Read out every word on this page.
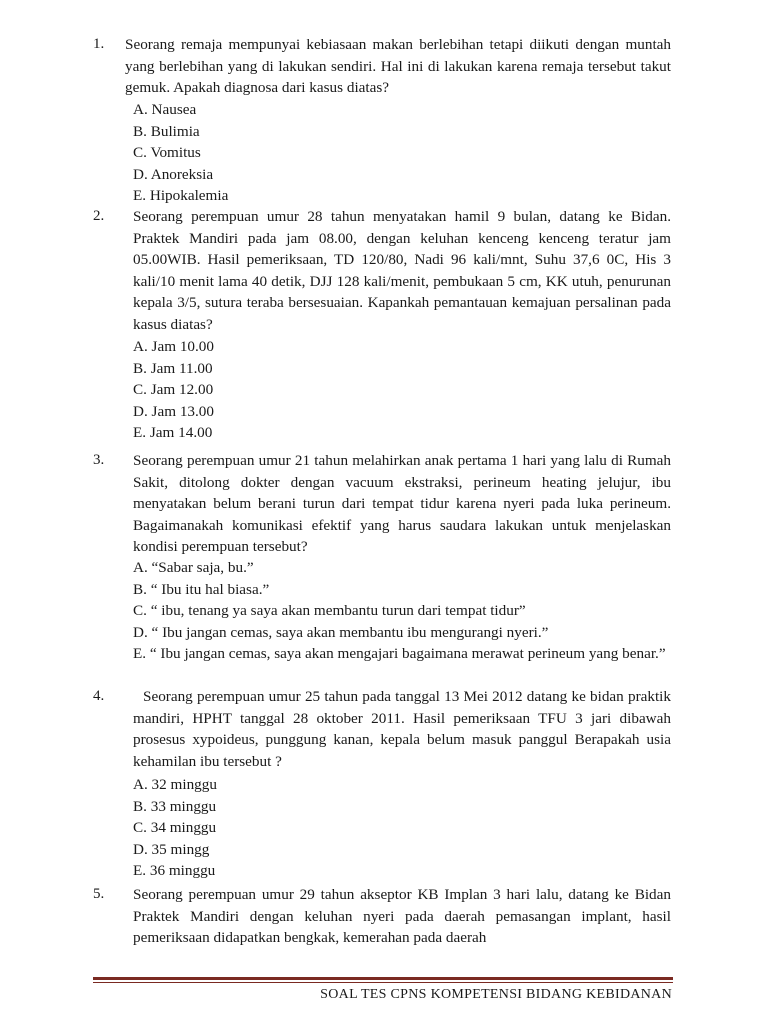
1. Seorang remaja mempunyai kebiasaan makan berlebihan tetapi diikuti dengan muntah yang berlebihan yang di lakukan sendiri. Hal ini di lakukan karena remaja tersebut takut gemuk. Apakah diagnosa dari kasus diatas?

A. Nausea
B. Bulimia
C. Vomitus
D. Anoreksia
E. Hipokalemia
2. Seorang perempuan umur 28 tahun menyatakan hamil 9 bulan, datang ke Bidan. Praktek Mandiri pada jam 08.00, dengan keluhan kenceng kenceng teratur jam 05.00WIB. Hasil pemeriksaan, TD 120/80, Nadi 96 kali/mnt, Suhu 37,6 0C, His 3 kali/10 menit lama 40 detik, DJJ 128 kali/menit, pembukaan 5 cm, KK utuh, penurunan kepala 3/5, sutura teraba bersesuaian. Kapankah pemantauan kemajuan persalinan pada kasus diatas?

A. Jam 10.00
B. Jam 11.00
C. Jam 12.00
D. Jam 13.00
E. Jam 14.00
3. Seorang perempuan umur 21 tahun melahirkan anak pertama 1 hari yang lalu di Rumah Sakit, ditolong dokter dengan vacuum ekstraksi, perineum heating jelujur, ibu menyatakan belum berani turun dari tempat tidur karena nyeri pada luka perineum. Bagaimanakah komunikasi efektif yang harus saudara lakukan untuk menjelaskan kondisi perempuan tersebut?

A. “Sabar saja, bu.”
B. “ Ibu itu hal biasa.”
C. “ ibu, tenang ya saya akan membantu turun dari tempat tidur”
D. “ Ibu jangan cemas, saya akan membantu ibu mengurangi nyeri.”
E. “ Ibu jangan cemas, saya akan mengajari bagaimana merawat perineum yang benar.”
4.	Seorang perempuan umur 25 tahun pada tanggal 13 Mei 2012 datang ke bidan praktik mandiri, HPHT tanggal 28 oktober 2011. Hasil pemeriksaan TFU 3 jari dibawah prosesus xypoideus, punggung kanan, kepala belum masuk panggul Berapakah usia kehamilan ibu tersebut ?

A. 32 minggu
B. 33 minggu
C. 34 minggu
D. 35 mingg
E. 36 minggu
5. Seorang perempuan umur 29 tahun akseptor KB Implan 3 hari lalu, datang ke Bidan Praktek Mandiri dengan keluhan nyeri pada daerah pemasangan implant, hasil pemeriksaan didapatkan bengkak, kemerahan pada daerah

SOAL TES CPNS KOMPETENSI BIDANG KEBIDANAN
